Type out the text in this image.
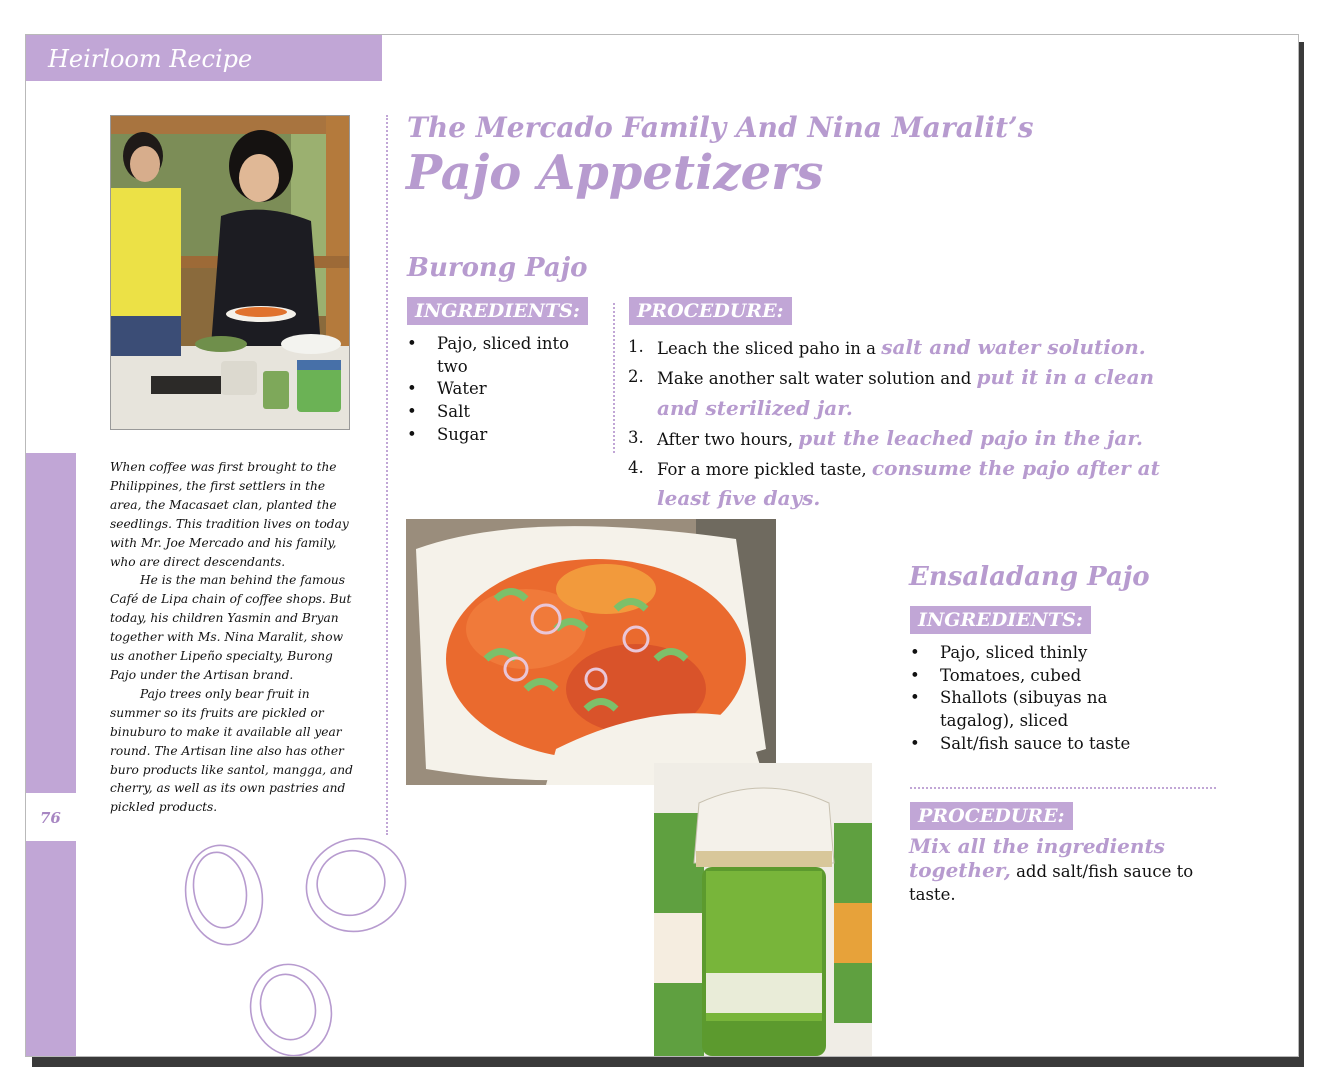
Heirloom Recipe
76

When coffee was first brought to the Philippines, the first settlers in the area, the Macasaet clan, planted the seedlings. This tradition lives on today with Mr. Joe Mercado and his family, who are direct descendants.

He is the man behind the famous Café de Lipa chain of coffee shops. But today, his children Yasmin and Bryan together with Ms. Nina Maralit, show us another Lipeño specialty, Burong Pajo under the Artisan brand.

Pajo trees only bear fruit in summer so its fruits are pickled or binuburo to make it available all year round. The Artisan line also has other buro products like santol, mangga, and cherry, as well as its own pastries and pickled products.

The Mercado Family And Nina Maralit’s
Pajo Appetizers
Burong Pajo
INGREDIENTS:
• Pajo, sliced into two
• Water
• Salt
• Sugar
PROCEDURE:
1. Leach the sliced paho in a salt and water solution.
2. Make another salt water solution and put it in a clean and sterilized jar.
3. After two hours, put the leached pajo in the jar.
4. For a more pickled taste, consume the pajo after at least five days.
Ensaladang Pajo
INGREDIENTS:
• Pajo, sliced thinly
• Tomatoes, cubed
• Shallots (sibuyas na tagalog), sliced
• Salt/fish sauce to taste
PROCEDURE:
Mix all the ingredients together, add salt/fish sauce to taste.
